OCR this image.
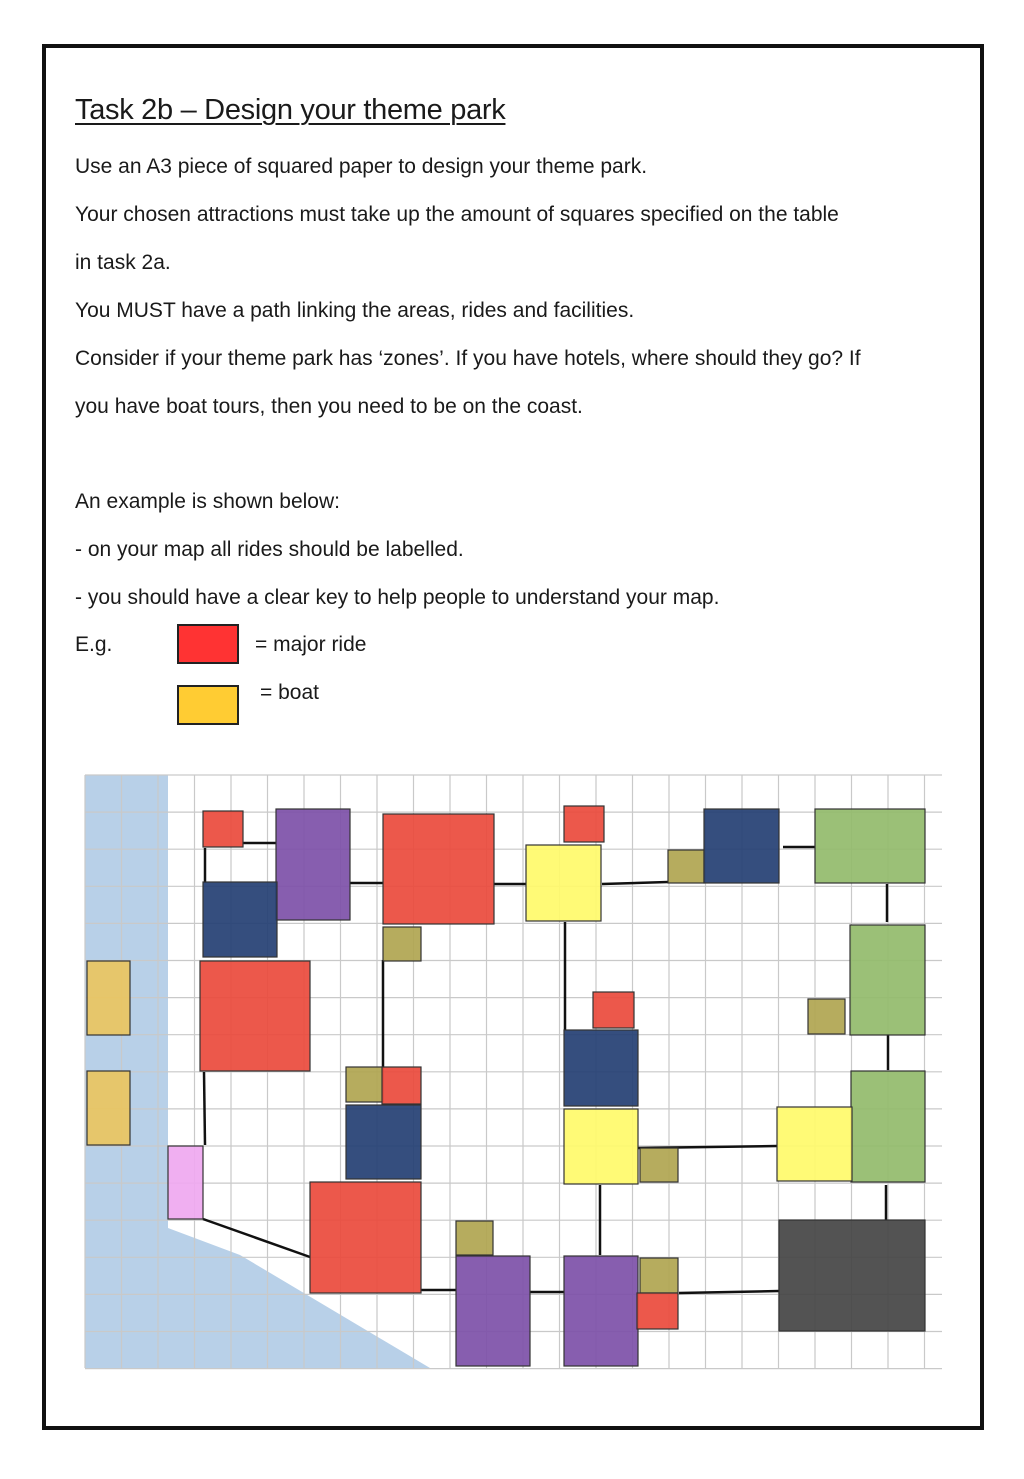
Task 2b – Design your theme park
Use an A3 piece of squared paper to design your theme park.
Your chosen attractions must take up the amount of squares specified on the table
in task 2a.
You MUST have a path linking the areas, rides and facilities.
Consider if your theme park has ‘zones’. If you have hotels, where should they go? If
you have boat tours, then you need to be on the coast.
An example is shown below:
- on your map all rides should be labelled.
- you should have a clear key to help people to understand your map.
E.g.	= major ride
= boat
